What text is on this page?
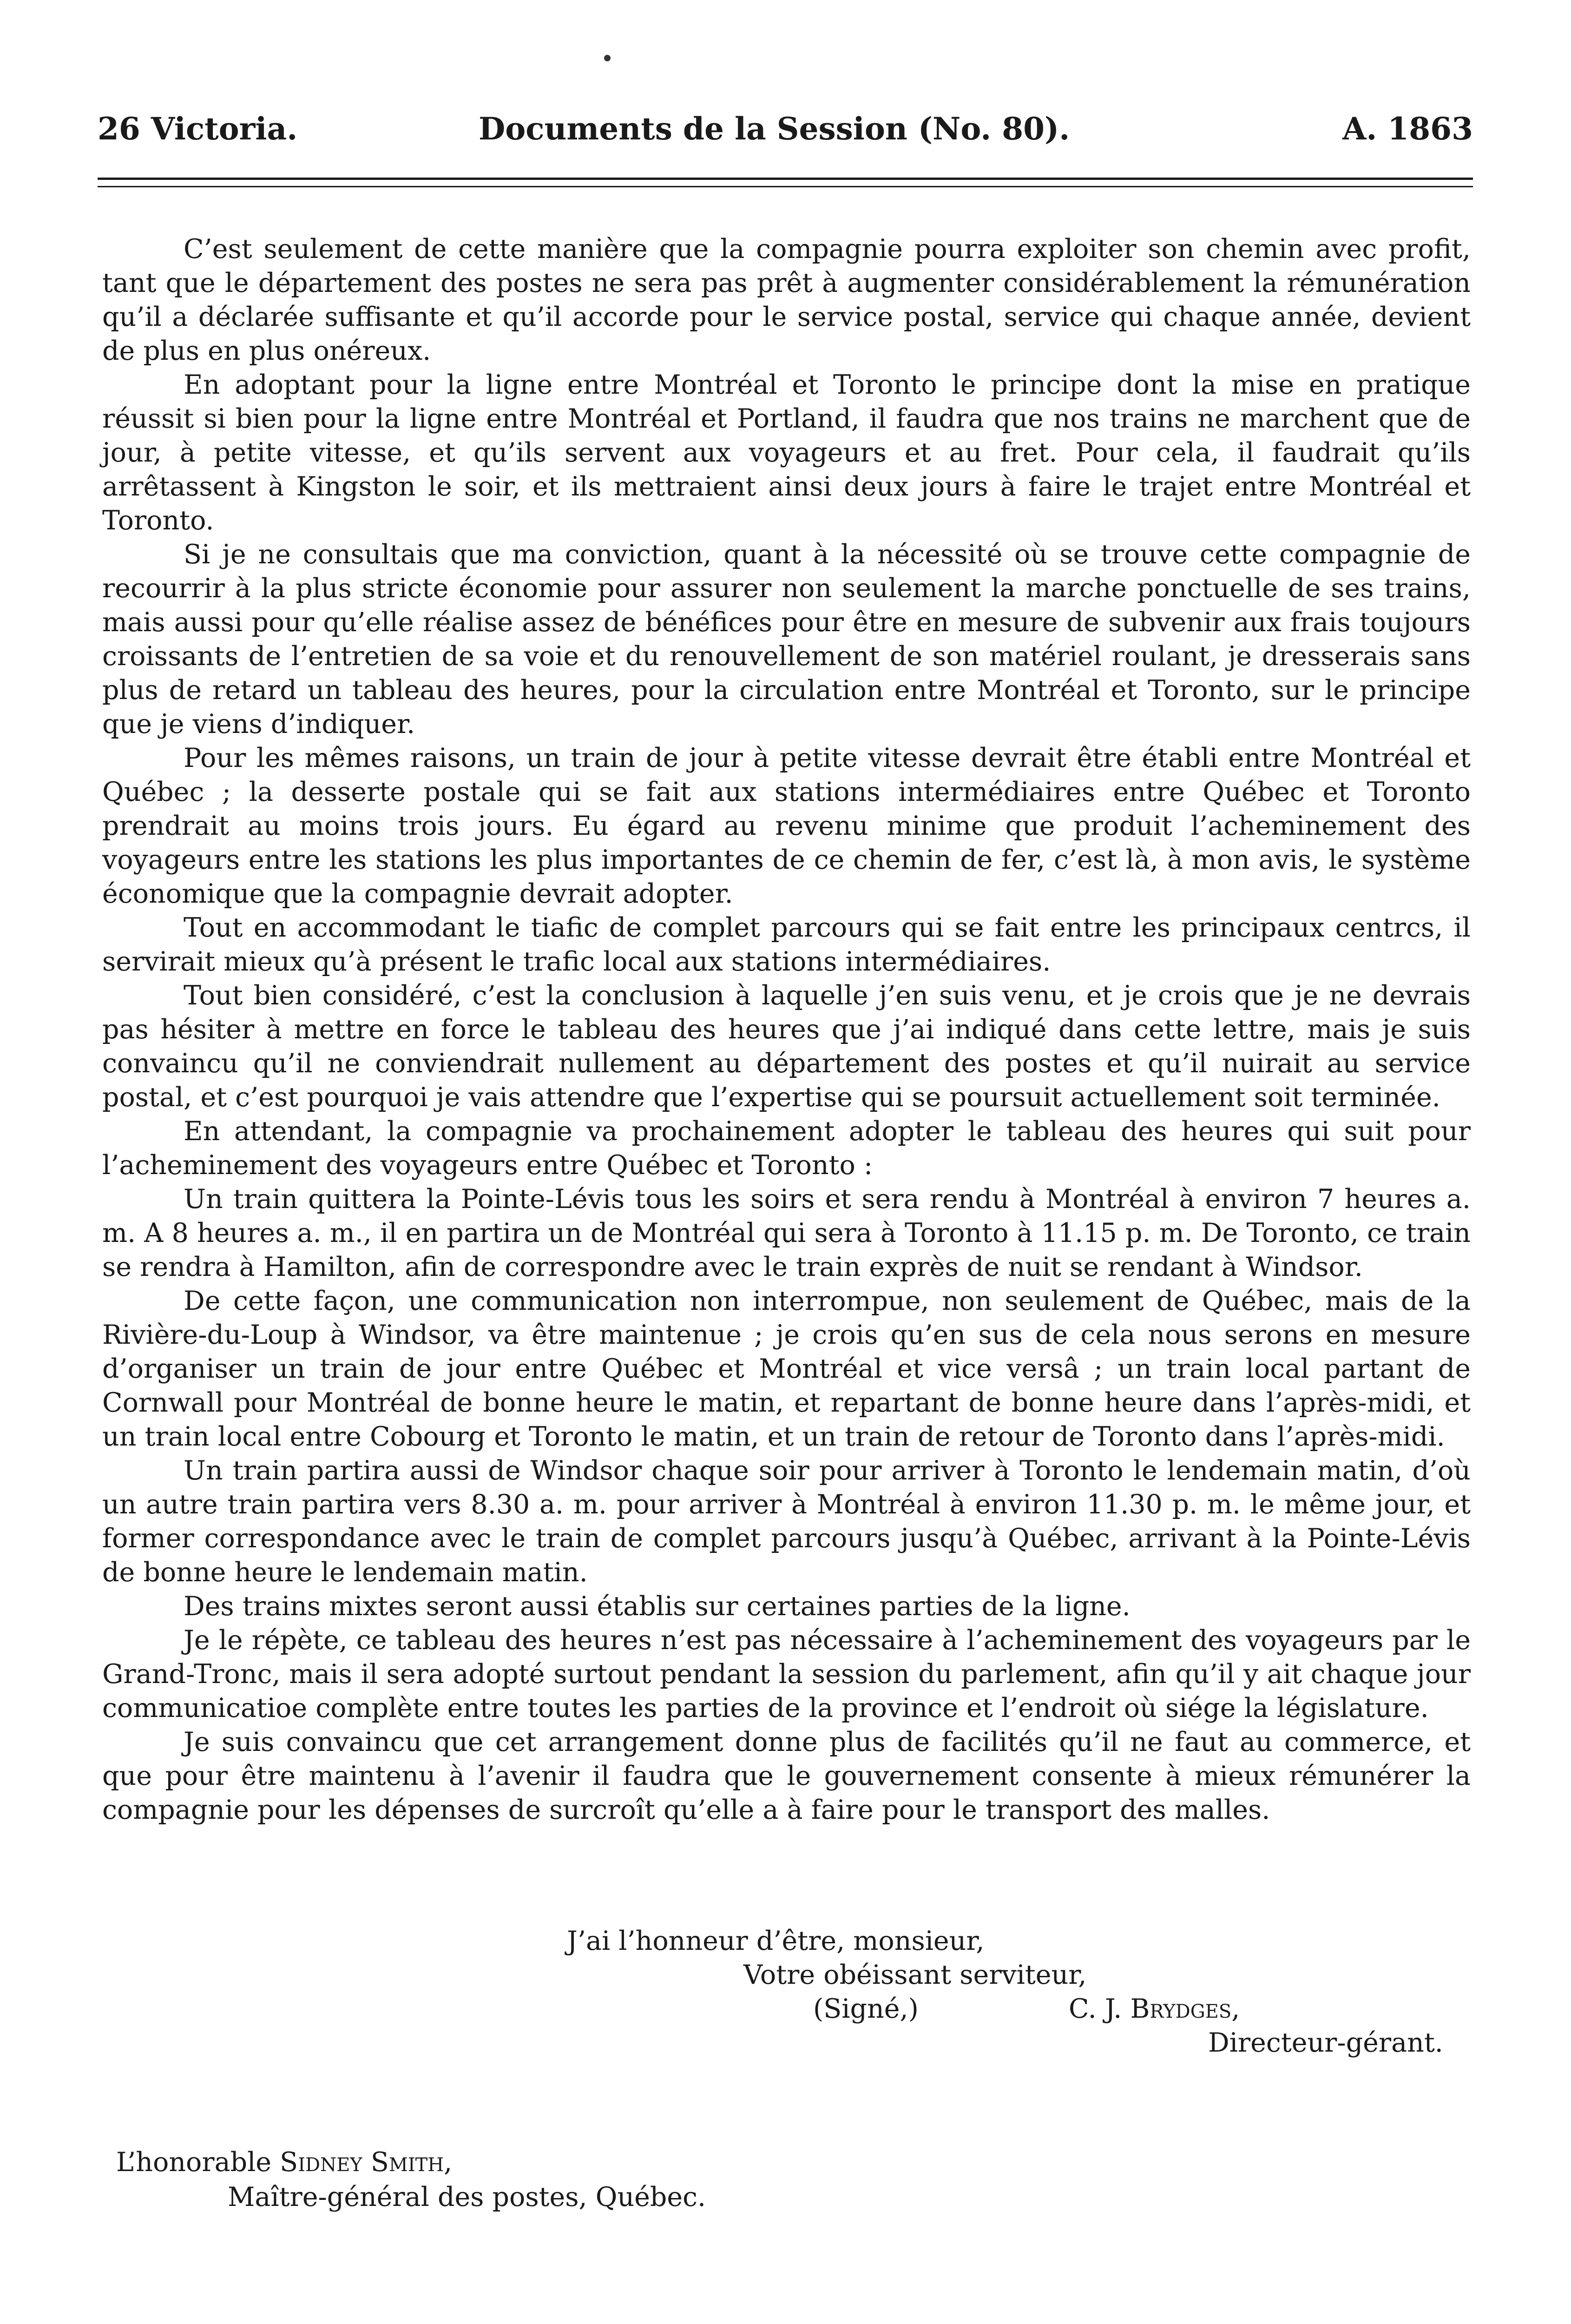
26 Victoria.	Documents de la Session (No. 80).	A. 1863

C’est seulement de cette manière que la compagnie pourra exploiter son chemin avec profit, tant que le département des postes ne sera pas prêt à augmenter considérablement la rémunération qu’il a déclarée suffisante et qu’il accorde pour le service postal, service qui chaque année, devient de plus en plus onéreux.

En adoptant pour la ligne entre Montréal et Toronto le principe dont la mise en pratique réussit si bien pour la ligne entre Montréal et Portland, il faudra que nos trains ne marchent que de jour, à petite vitesse, et qu’ils servent aux voyageurs et au fret. Pour cela, il faudrait qu’ils arrêtassent à Kingston le soir, et ils mettraient ainsi deux jours à faire le trajet entre Montréal et Toronto.

Si je ne consultais que ma conviction, quant à la nécessité où se trouve cette compagnie de recourrir à la plus stricte économie pour assurer non seulement la marche ponctuelle de ses trains, mais aussi pour qu’elle réalise assez de bénéfices pour être en mesure de subvenir aux frais toujours croissants de l’entretien de sa voie et du renouvellement de son matériel roulant, je dresserais sans plus de retard un tableau des heures, pour la circulation entre Montréal et Toronto, sur le principe que je viens d’indiquer.

Pour les mêmes raisons, un train de jour à petite vitesse devrait être établi entre Montréal et Québec ; la desserte postale qui se fait aux stations intermédiaires entre Québec et Toronto prendrait au moins trois jours. Eu égard au revenu minime que produit l’acheminement des voyageurs entre les stations les plus importantes de ce chemin de fer, c’est là, à mon avis, le système économique que la compagnie devrait adopter.

Tout en accommodant le tiafic de complet parcours qui se fait entre les principaux centrcs, il servirait mieux qu’à présent le trafic local aux stations intermédiaires.

Tout bien considéré, c’est la conclusion à laquelle j’en suis venu, et je crois que je ne devrais pas hésiter à mettre en force le tableau des heures que j’ai indiqué dans cette lettre, mais je suis convaincu qu’il ne conviendrait nullement au département des postes et qu’il nuirait au service postal, et c’est pourquoi je vais attendre que l’expertise qui se poursuit actuellement soit terminée.

En attendant, la compagnie va prochainement adopter le tableau des heures qui suit pour l’acheminement des voyageurs entre Québec et Toronto :

Un train quittera la Pointe-Lévis tous les soirs et sera rendu à Montréal à environ 7 heures a. m. A 8 heures a. m., il en partira un de Montréal qui sera à Toronto à 11.15 p. m. De Toronto, ce train se rendra à Hamilton, afin de correspondre avec le train exprès de nuit se rendant à Windsor.

De cette façon, une communication non interrompue, non seulement de Québec, mais de la Rivière-du-Loup à Windsor, va être maintenue ; je crois qu’en sus de cela nous serons en mesure d’organiser un train de jour entre Québec et Montréal et vice versâ ; un train local partant de Cornwall pour Montréal de bonne heure le matin, et repartant de bonne heure dans l’après-midi, et un train local entre Cobourg et Toronto le matin, et un train de retour de Toronto dans l’après-midi.

Un train partira aussi de Windsor chaque soir pour arriver à Toronto le lendemain matin, d’où un autre train partira vers 8.30 a. m. pour arriver à Montréal à environ 11.30 p. m. le même jour, et former correspondance avec le train de complet parcours jusqu’à Québec, arrivant à la Pointe-Lévis de bonne heure le lendemain matin.

Des trains mixtes seront aussi établis sur certaines parties de la ligne.

Je le répète, ce tableau des heures n’est pas nécessaire à l’acheminement des voyageurs par le Grand-Tronc, mais il sera adopté surtout pendant la session du parlement, afin qu’il y ait chaque jour communicatioe complète entre toutes les parties de la province et l’endroit où siége la législature.

Je suis convaincu que cet arrangement donne plus de facilités qu’il ne faut au commerce, et que pour être maintenu à l’avenir il faudra que le gouvernement consente à mieux rémunérer la compagnie pour les dépenses de surcroît qu’elle a à faire pour le transport des malles.

J’ai l’honneur d’être, monsieur,
Votre obéissant serviteur,
(Signé,)	C. J. Brydges,
Directeur-gérant.
L’honorable Sidney Smith,
Maître-général des postes, Québec.
